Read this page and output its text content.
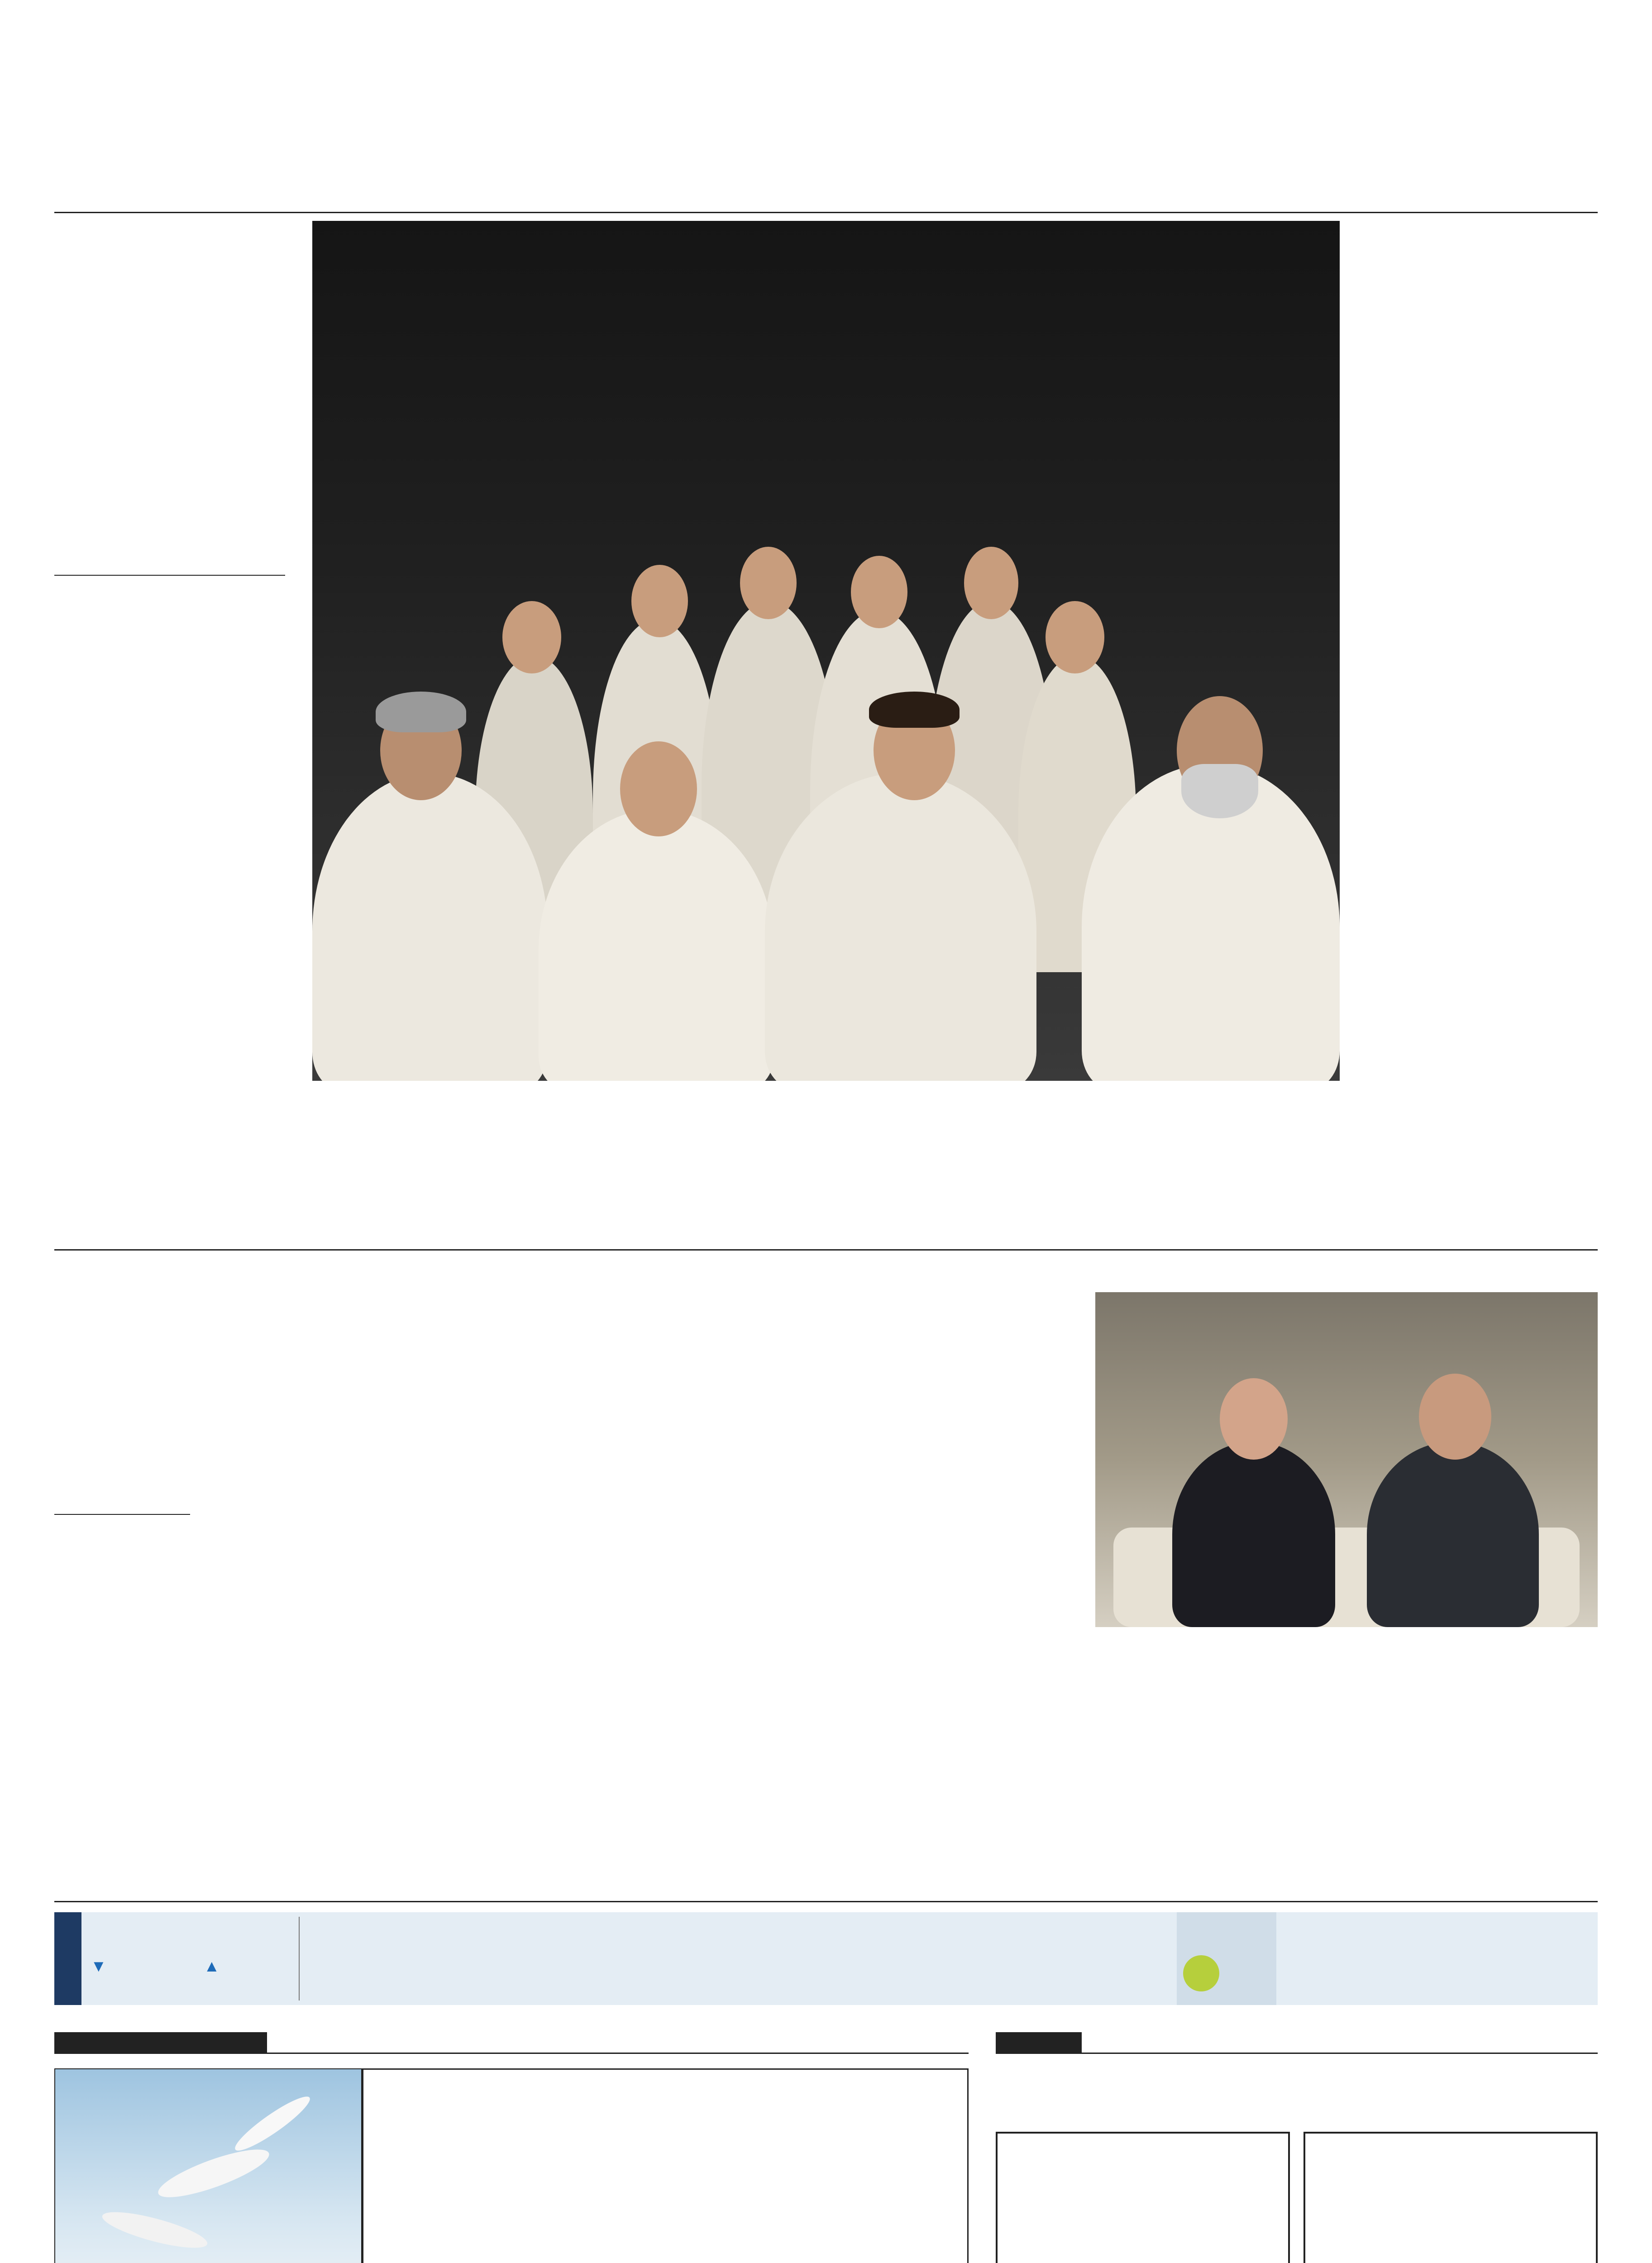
▼	▲
